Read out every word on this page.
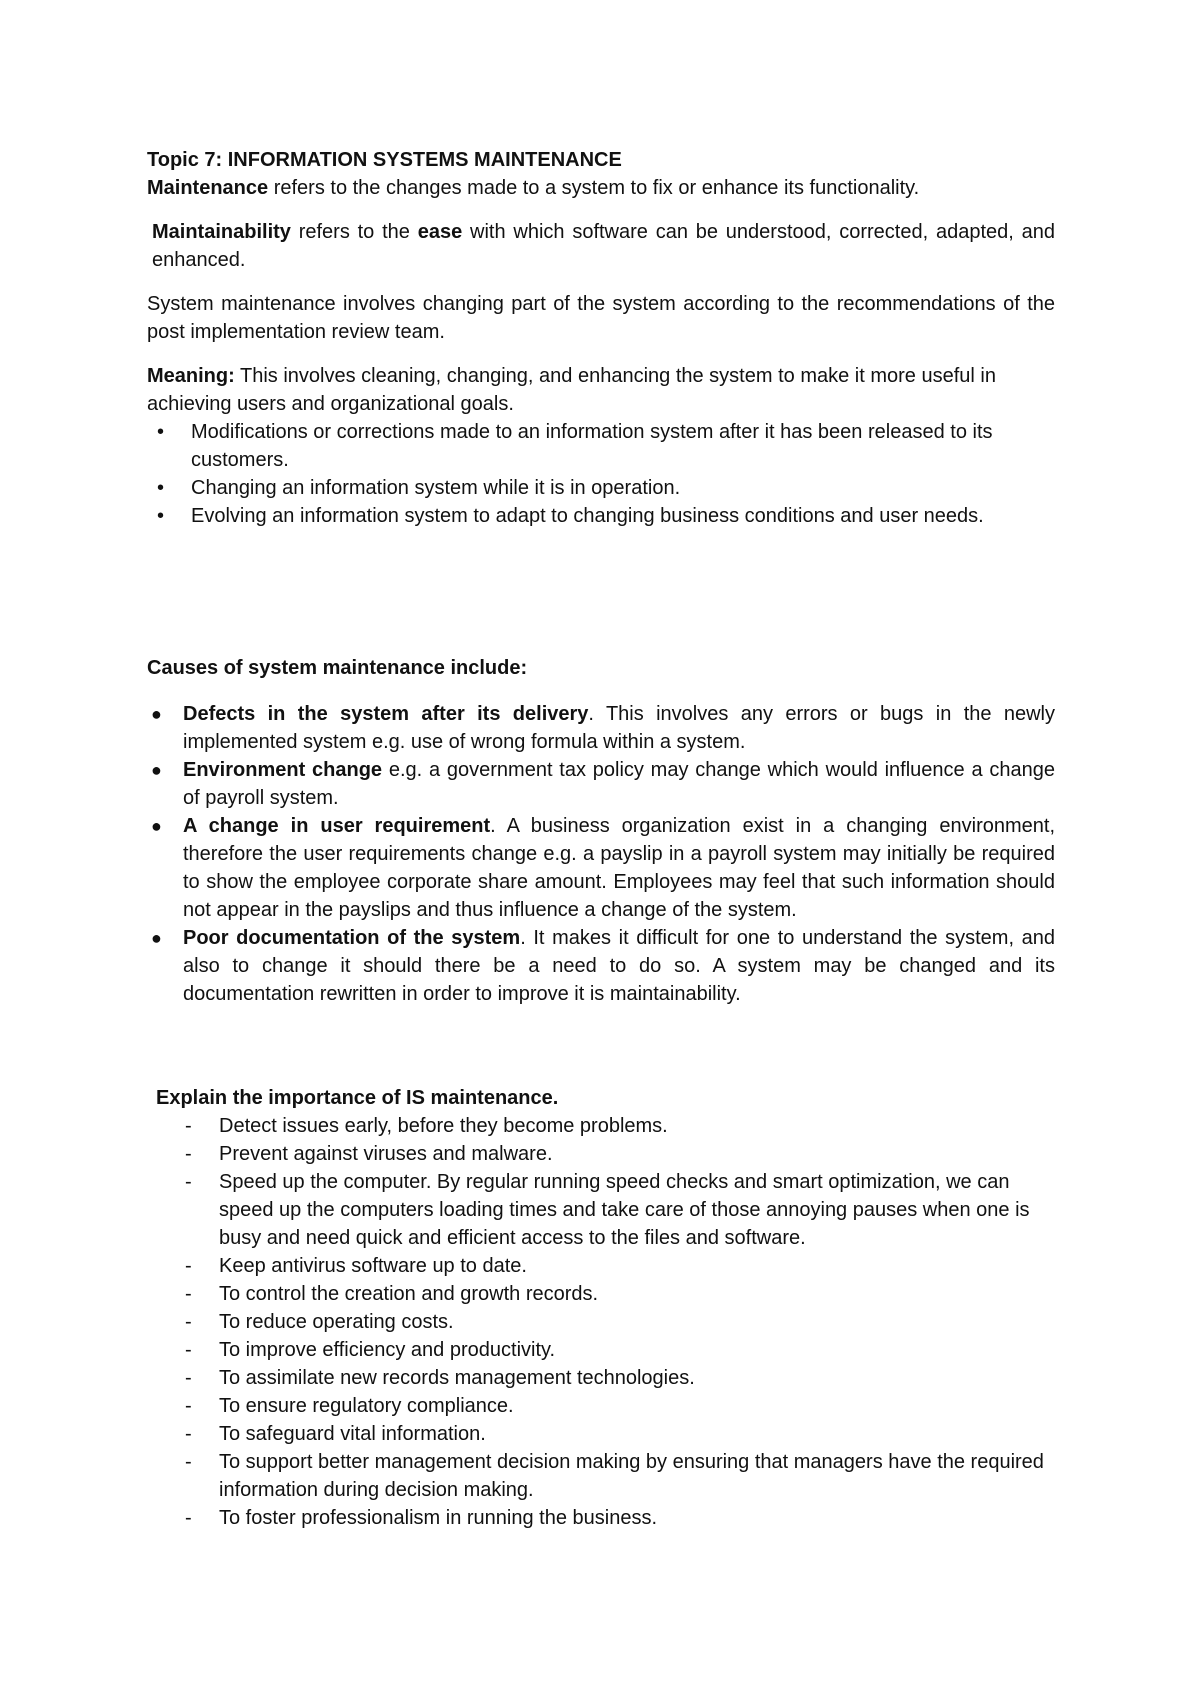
Topic 7: INFORMATION SYSTEMS MAINTENANCE

Maintenance refers to the changes made to a system to fix or enhance its functionality.

Maintainability refers to the ease with which software can be understood, corrected, adapted, and enhanced.

System maintenance involves changing part of the system according to the recommendations of the post implementation review team.

Meaning: This involves cleaning, changing, and enhancing the system to make it more useful in achieving users and organizational goals.

• Modifications or corrections made to an information system after it has been released to its customers.
• Changing an information system while it is in operation.
• Evolving an information system to adapt to changing business conditions and user needs.

Causes of system maintenance include:

● Defects in the system after its delivery. This involves any errors or bugs in the newly implemented system e.g. use of wrong formula within a system.
● Environment change e.g. a government tax policy may change which would influence a change of payroll system.
● A change in user requirement. A business organization exist in a changing environment, therefore the user requirements change e.g. a payslip in a payroll system may initially be required to show the employee corporate share amount. Employees may feel that such information should not appear in the payslips and thus influence a change of the system.
● Poor documentation of the system. It makes it difficult for one to understand the system, and also to change it should there be a need to do so. A system may be changed and its documentation rewritten in order to improve it is maintainability.

Explain the importance of IS maintenance.

- Detect issues early, before they become problems.
- Prevent against viruses and malware.
- Speed up the computer. By regular running speed checks and smart optimization, we can speed up the computers loading times and take care of those annoying pauses when one is busy and need quick and efficient access to the files and software.
- Keep antivirus software up to date.
- To control the creation and growth records.
- To reduce operating costs.
- To improve efficiency and productivity.
- To assimilate new records management technologies.
- To ensure regulatory compliance.
- To safeguard vital information.
- To support better management decision making by ensuring that managers have the required information during decision making.
- To foster professionalism in running the business.
